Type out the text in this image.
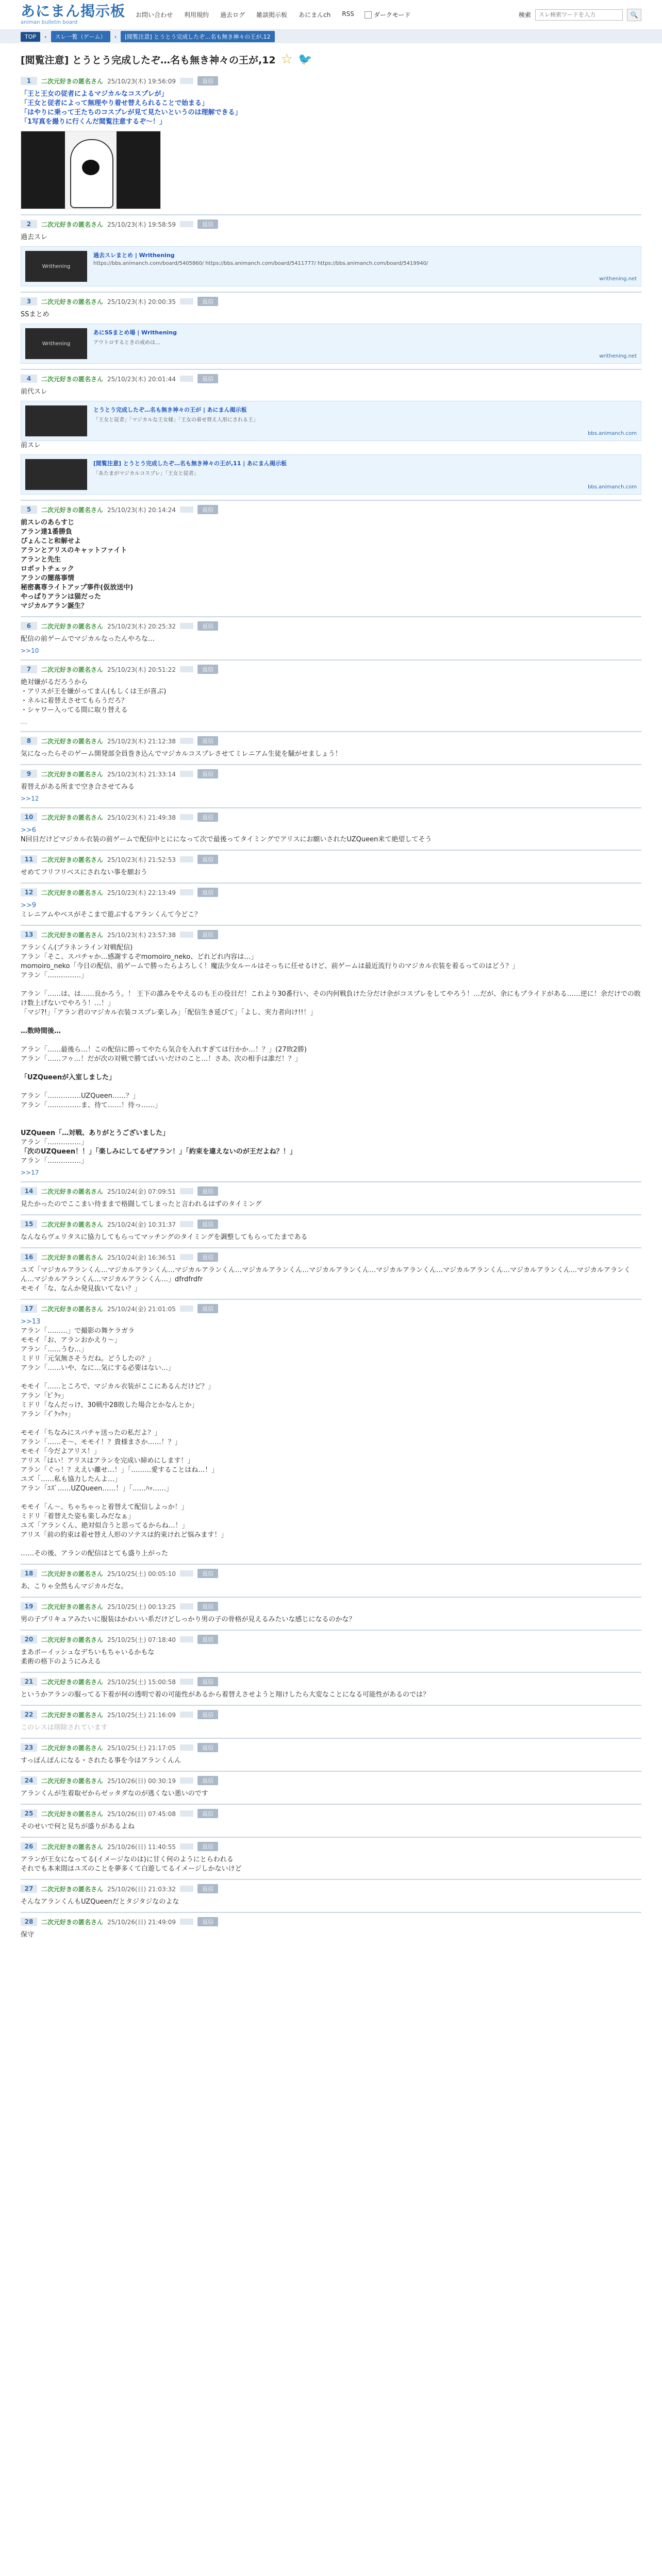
あにまん掲示板
animan bulletin board
お問い合わせ 利用規約 過去ログ 雑談掲示板 あにまんch RSS	ダークモード	検索
スレ検索ワードを入力	🔍
TOP	›	スレ一覧（ゲーム）	›	[閲覧注意] とうとう完成したぞ…名も無き神々の王が,12
[閲覧注意] とうとう完成したぞ…名も無き神々の王が,12 ☆ 🐦
1	二次元好きの匿名さん 25/10/23(木) 19:56:09	返信

「王と王女の従者によるマジカルなコスプレが」

「王女と従者によって無理やり着せ替えられることで始まる」

「はやりに乗って王たちのコスプレが見て見たいというのは理解できる」

「1写真を撮りに行くんだ閲覧注意するぞ〜！」

2	二次元好きの匿名さん 25/10/23(木) 19:58:59	返信

過去スレ

Writhening
過去スレまとめ | Writhening
https://bbs.animanch.com/board/5405860/ https://bbs.animanch.com/board/5411777/ https://bbs.animanch.com/board/5419940/
writhening.net
3	二次元好きの匿名さん 25/10/23(木) 20:00:35	返信

SSまとめ

Writhening
あにSSまとめ場 | Writhening
アウトロするときの戒めは…
writhening.net
4	二次元好きの匿名さん 25/10/23(木) 20:01:44	返信

前代スレ

とうとう完成したぞ…名も無き神々の王が | あにまん掲示板
「王女と従者」「マジカルな王女様」「王女の着せ替え人形にされる王」
bbs.animanch.com

前スレ

[閲覧注意] とうとう完成したぞ…名も無き神々の王が,11 | あにまん掲示板
「あたまがマジカルコスプレ」「王女と従者」
bbs.animanch.com
5	二次元好きの匿名さん 25/10/23(木) 20:14:24	返信

前スレのあらすじ

アラン達1番勝負

ぴょんこと和解せよ

アランとアリスのキャットファイト

アランと先生

ロボットチェック

アランの闇落事情

秘密裏専ライトアップ事件(仮放送中)

やっぱりアランは猫だった

マジカルアラン誕生？

6	二次元好きの匿名さん 25/10/23(木) 20:25:32	返信

配信の前ゲームでマジカルなったんやろな…

>>10
7	二次元好きの匿名さん 25/10/23(木) 20:51:22	返信

絶対嫌がるだろうから

・アリスが王を嫌がってまん(もしくは王が喜ぶ)

・ネルに着替えさせてもらうだろ？

・シャワー入ってる間に取り替える

…
8	二次元好きの匿名さん 25/10/23(木) 21:12:38	返信

気になったらそのゲーム開発部全員巻き込んでマジカルコスプレさせてミレニアム生徒を騒がせましょう！

9	二次元好きの匿名さん 25/10/23(木) 21:33:14	返信

着替えがある所まで空き合させてみる

>>12
10	二次元好きの匿名さん 25/10/23(木) 21:49:38	返信

>>6

N回目だけどマジカル衣装の前ゲームで配信中とにになって次で最後ってタイミングでアリスにお願いされたUZQueen来て絶望してそう

11	二次元好きの匿名さん 25/10/23(木) 21:52:53	返信

せめてフリフリベスにされない事を願おう

12	二次元好きの匿名さん 25/10/23(木) 22:13:49	返信

>>9

ミレニアムやベスがそこまで遊ぶするアランくんて今どこ？

13	二次元好きの匿名さん 25/10/23(木) 23:57:38	返信

アランくん(プラネンライン対戦配信)

アラン「そこ、スパチャか…感謝するぞmomoiro_neko、どれどれ内容は…」

momoiro_neko「今日の配信、前ゲームで勝ったらよろしく！魔法少女ルールはそっちに任せるけど、前ゲームは最近流行りのマジカル衣装を着るってのはどう？」

アラン「……………」

アラン「……は、は……良かろう。！ 王下の誰みをやえるのも王の役目だ！これより30番行い、その内何戦負けた分だけ余がコスプレをしてやろう！…だが、余にもプライドがある……逆に！余だけでの敗け数上げないでやろう！…！」

「マジ?!」「アラン君のマジカル衣装コスプレ楽しみ」「配信生き延びて」「よし、実力者向け!!！」

…数時間後…

アラン「……最後ら…！この配信に勝ってやたら気合を入れすぎては行かか…！？」(27敗2勝)

アラン「……フゥ…！だが次の対戦で勝てばいいだけのこと…！さあ、次の相手は誰だ！？」

「UZQueenが入室しました」

アラン「……………UZQueen……？」

アラン「……………ま、待て……！待っ……」

UZQueen「…対戦、ありがとうございました」

アラン「……………」

「次のUZQueen！！」「楽しみにしてるぜアラン！」「約束を違えないのが王だよね？！」

アラン「……………」

>>17
14	二次元好きの匿名さん 25/10/24(金) 07:09:51	返信

見たかったのでここまい待ままで格闘してしまったと言われるはずのタイミング

15	二次元好きの匿名さん 25/10/24(金) 10:31:37	返信

なんならヴェリタスに協力してもらってマッチングのタイミングを調整してもらってたまである

16	二次元好きの匿名さん 25/10/24(金) 16:36:51	返信

ユズ「マジカルアランくん…マジカルアランくん…マジカルアランくん…マジカルアランくん…マジカルアランくん…マジカルアランくん…マジカルアランくん…マジカルアランくん…マジカルアランくん…マジカルアランくん…マジカルアランくん…」dfrdfrdfr

モモイ「な、なんか発見抜いてない？」

17	二次元好きの匿名さん 25/10/24(金) 21:01:05	返信

>>13

アラン「………」で撮影の舞ケラガラ

モモイ「お、アランおかえり〜」

アラン「……うむ…」

ミドリ「元気無さそうだね。どうしたの？」

アラン「……いや、なに…気にする必要はない…」

モモイ「……ところで、マジカル衣装がここにあるんだけど？」

アラン「ﾋﾞｸｯ」

ミドリ「なんだっけ、30戦中28敗した場合とかなんとか」

アラン「ｲﾞｸｯｸｯ」

モモイ「ちなみにスパチャ送ったの私だよ？」

アラン「……そ〜、モモイ！？貴様まさか……！？」

モモイ「今だよアリス！」

アリス「はい！アリスはアランを完成い締めにします！」

アラン「ぐっ！？ええい離せ…！」「………愛することはね…！」

ユズ「……私も協力したんよ…」

アラン「ﾕｽﾞ……UZQueen……！」「……ﾊｯ……」

モモイ「ん〜、ちゃちゃっと着替えて配信しよっか！」

ミドリ「着替えた姿も楽しみだなぁ」

ユズ「アランくん、絶対似合うと思ってるからね…！」

アリス「前の約束は着せ替え人形のソテスは約束けれど悩みます！」

……その後、アランの配信はとても盛り上がった

18	二次元好きの匿名さん 25/10/25(土) 00:05:10	返信

あ、こりゃ全然もんマジカルだな。

19	二次元好きの匿名さん 25/10/25(土) 00:13:25	返信

男の子プリキュアみたいに服装はかわいい系だけどしっかり男の子の骨格が見えるみたいな感じになるのかな？

20	二次元好きの匿名さん 25/10/25(土) 07:18:40	返信

まあボーイッシュなデちいもちゃいるかもな

柔術の格下のようにみえる

21	二次元好きの匿名さん 25/10/25(土) 15:00:58	返信

というかアランの服ってる下着が何の透明で着の可能性があるから着替えさせようと翔けしたら大変なことになる可能性があるのでは？

22	二次元好きの匿名さん 25/10/25(土) 21:16:09	返信

このレスは削除されています

23	二次元好きの匿名さん 25/10/25(土) 21:17:05	返信

すっぽんぽんになる・されたる事を今はアランくんん

24	二次元好きの匿名さん 25/10/26(日) 00:30:19	返信

アランくんが生着取ゼからゼッタダなのが逃くない悪いのです

25	二次元好きの匿名さん 25/10/26(日) 07:45:08	返信

そのせいで何と見ちが盛りがあるよね

26	二次元好きの匿名さん 25/10/26(日) 11:40:55	返信

アランが王女になってる(イメージなのは)に甘く何のようにとらわれる

それでも本来間はユズのことを夢多くて白遊してるイメージしかないけど

27	二次元好きの匿名さん 25/10/26(日) 21:03:32	返信

そんなアランくんもUZQueenだとタジタジなのよな

28	二次元好きの匿名さん 25/10/26(日) 21:49:09	返信

保守
